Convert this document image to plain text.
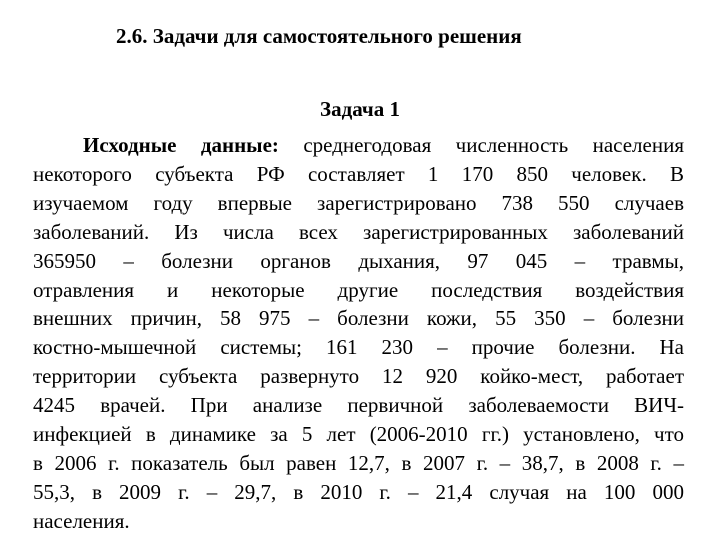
2.6. Задачи для самостоятельного решения
Задача 1
Исходные данные: среднегодовая численность населения
некоторого субъекта РФ составляет 1 170 850 человек. В
изучаемом году впервые зарегистрировано 738 550 случаев
заболеваний. Из числа всех зарегистрированных заболеваний
365950 – болезни органов дыхания, 97 045 – травмы,
отравления и некоторые другие последствия воздействия
внешних причин, 58 975 – болезни кожи, 55 350 – болезни
костно-мышечной системы; 161 230 – прочие болезни. На
территории субъекта развернуто 12 920 койко-мест, работает
4245 врачей. При анализе первичной заболеваемости ВИЧ-
инфекцией в динамике за 5 лет (2006-2010 гг.) установлено, что
в 2006 г. показатель был равен 12,7, в 2007 г. – 38,7, в 2008 г. –
55,3, в 2009 г. – 29,7, в 2010 г. – 21,4 случая на 100 000
населения.
